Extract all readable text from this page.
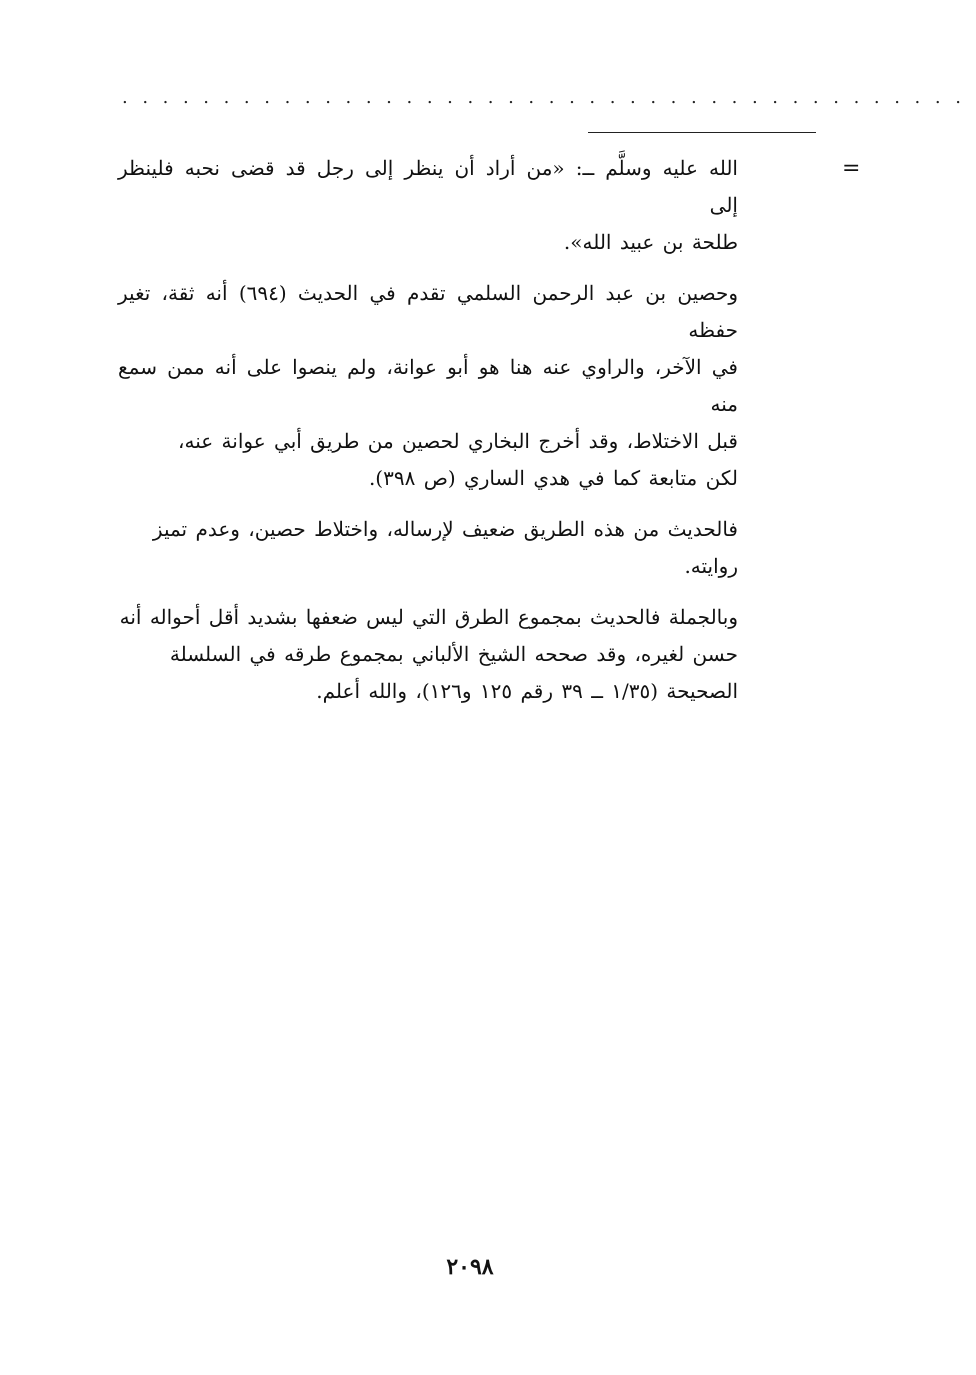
..........................................
=

الله عليه وسلَّم ــ: «من أراد أن ينظر إلى رجل قد قضى نحبه فلينظر إلى
طلحة بن عبيد الله».

وحصين بن عبد الرحمن السلمي تقدم في الحديث (٦٩٤) أنه ثقة، تغير حفظه
في الآخر، والراوي عنه هنا هو أبو عوانة، ولم ينصوا على أنه ممن سمع منه
قبل الاختلاط، وقد أخرج البخاري لحصين من طريق أبي عوانة عنه،
لكن متابعة كما في هدي الساري (ص ٣٩٨).

فالحديث من هذه الطريق ضعيف لإرساله، واختلاط حصين، وعدم تميز
روايته.

وبالجملة فالحديث بمجموع الطرق التي ليس ضعفها بشديد أقل أحواله أنه
حسن لغيره، وقد صححه الشيخ الألباني بمجموع طرقه في السلسلة
الصحيحة (١/٣٥ ــ ٣٩ رقم ١٢٥ و١٢٦)، والله أعلم.

٢٠٩٨
